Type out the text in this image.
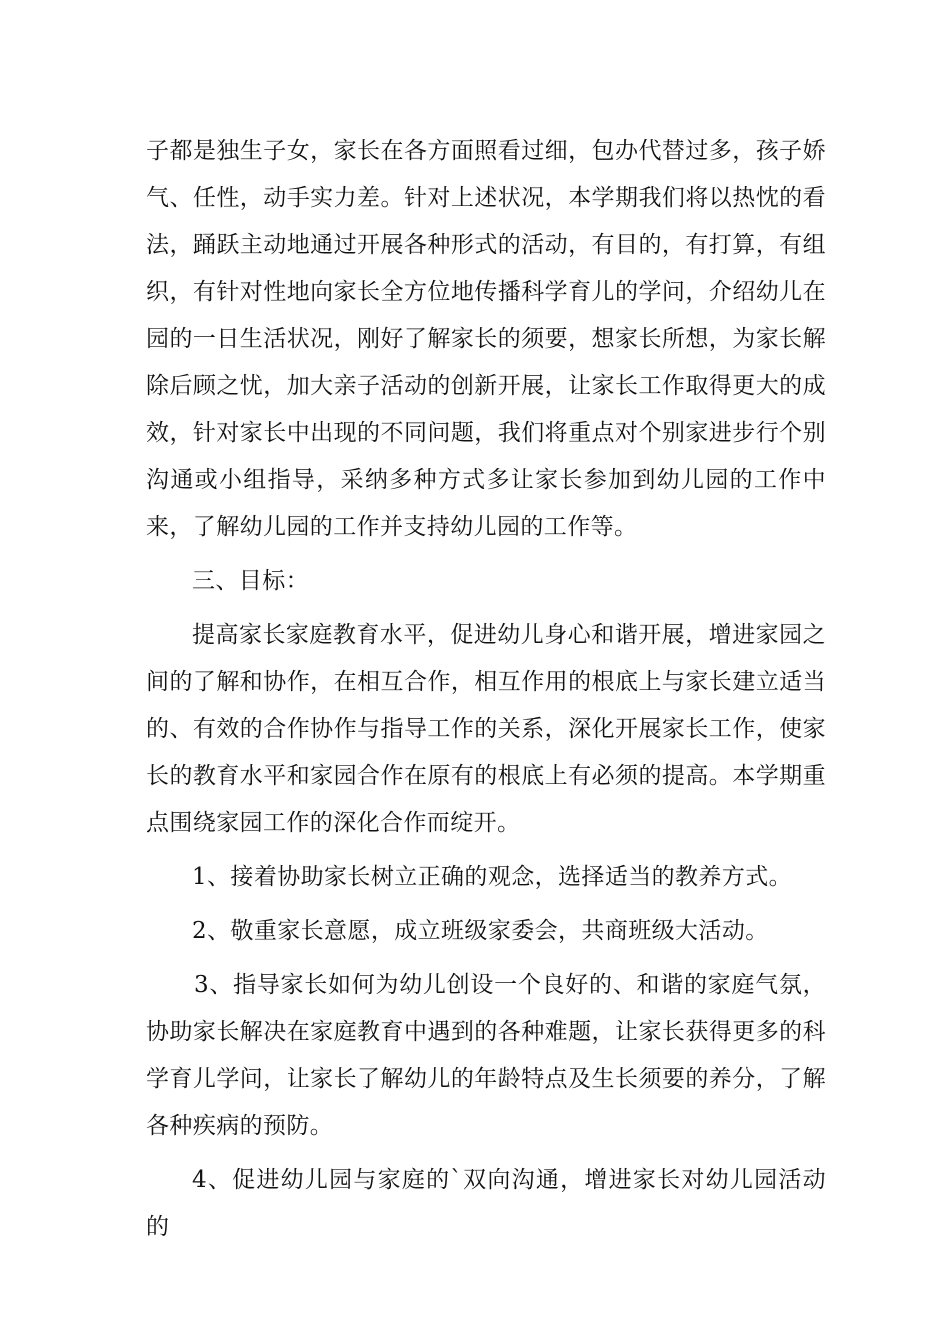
子都是独生子女，家长在各方面照看过细，包办代替过多，孩子娇气、任性，动手实力差。针对上述状况，本学期我们将以热忱的看法，踊跃主动地通过开展各种形式的活动，有目的，有打算，有组织，有针对性地向家长全方位地传播科学育儿的学问，介绍幼儿在园的一日生活状况，刚好了解家长的须要，想家长所想，为家长解除后顾之忧，加大亲子活动的创新开展，让家长工作取得更大的成效，针对家长中出现的不同问题，我们将重点对个别家进步行个别沟通或小组指导，采纳多种方式多让家长参加到幼儿园的工作中来，了解幼儿园的工作并支持幼儿园的工作等。

三、目标：

提高家长家庭教育水平，促进幼儿身心和谐开展，增进家园之间的了解和协作，在相互合作，相互作用的根底上与家长建立适当的、有效的合作协作与指导工作的关系，深化开展家长工作，使家长的教育水平和家园合作在原有的根底上有必须的提高。本学期重点围绕家园工作的深化合作而绽开。

1、接着协助家长树立正确的观念，选择适当的教养方式。

2、敬重家长意愿，成立班级家委会，共商班级大活动。

3、指导家长如何为幼儿创设一个良好的、和谐的家庭气氛，协助家长解决在家庭教育中遇到的各种难题，让家长获得更多的科学育儿学问，让家长了解幼儿的年龄特点及生长须要的养分，了解各种疾病的预防。

4、促进幼儿园与家庭的`双向沟通，增进家长对幼儿园活动的
